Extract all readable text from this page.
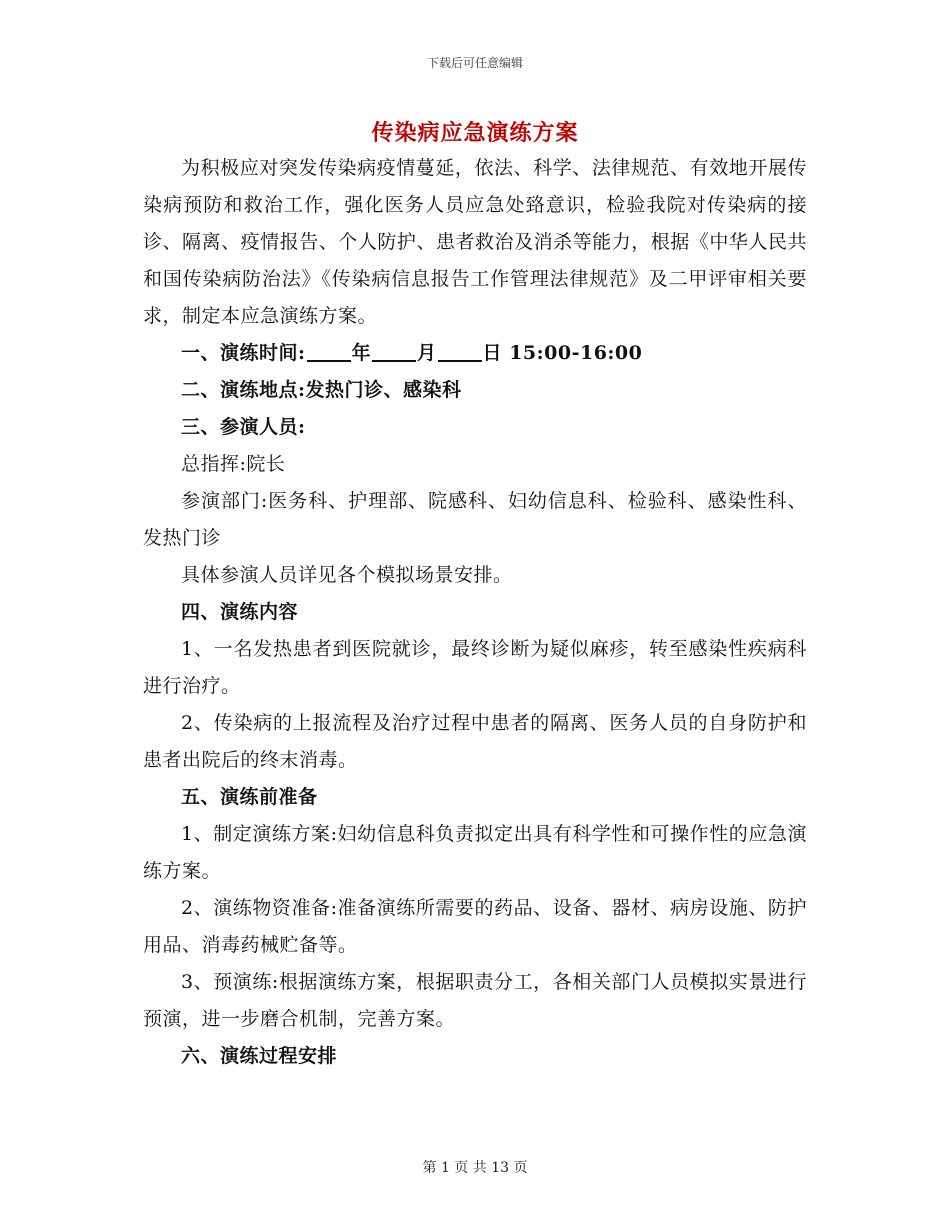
下载后可任意编辑
传染病应急演练方案

为积极应对突发传染病疫情蔓延，依法、科学、法律规范、有效地开展传染病预防和救治工作，强化医务人员应急处臵意识，检验我院对传染病的接诊、隔离、疫情报告、个人防护、患者救治及消杀等能力，根据《中华人民共和国传染病防治法》《传染病信息报告工作管理法律规范》及二甲评审相关要求，制定本应急演练方案。

一、演练时间: 年 月 日 15:00-16:00

二、演练地点:发热门诊、感染科

三、参演人员:

总指挥:院长

参演部门:医务科、护理部、院感科、妇幼信息科、检验科、感染性科、发热门诊

具体参演人员详见各个模拟场景安排。

四、演练内容

1、一名发热患者到医院就诊，最终诊断为疑似麻疹，转至感染性疾病科进行治疗。

2、传染病的上报流程及治疗过程中患者的隔离、医务人员的自身防护和患者出院后的终末消毒。

五、演练前准备

1、制定演练方案:妇幼信息科负责拟定出具有科学性和可操作性的应急演练方案。

2、演练物资准备:准备演练所需要的药品、设备、器材、病房设施、防护用品、消毒药械贮备等。

3、预演练:根据演练方案，根据职责分工，各相关部门人员模拟实景进行预演，进一步磨合机制，完善方案。

六、演练过程安排

第 1 页 共 13 页
